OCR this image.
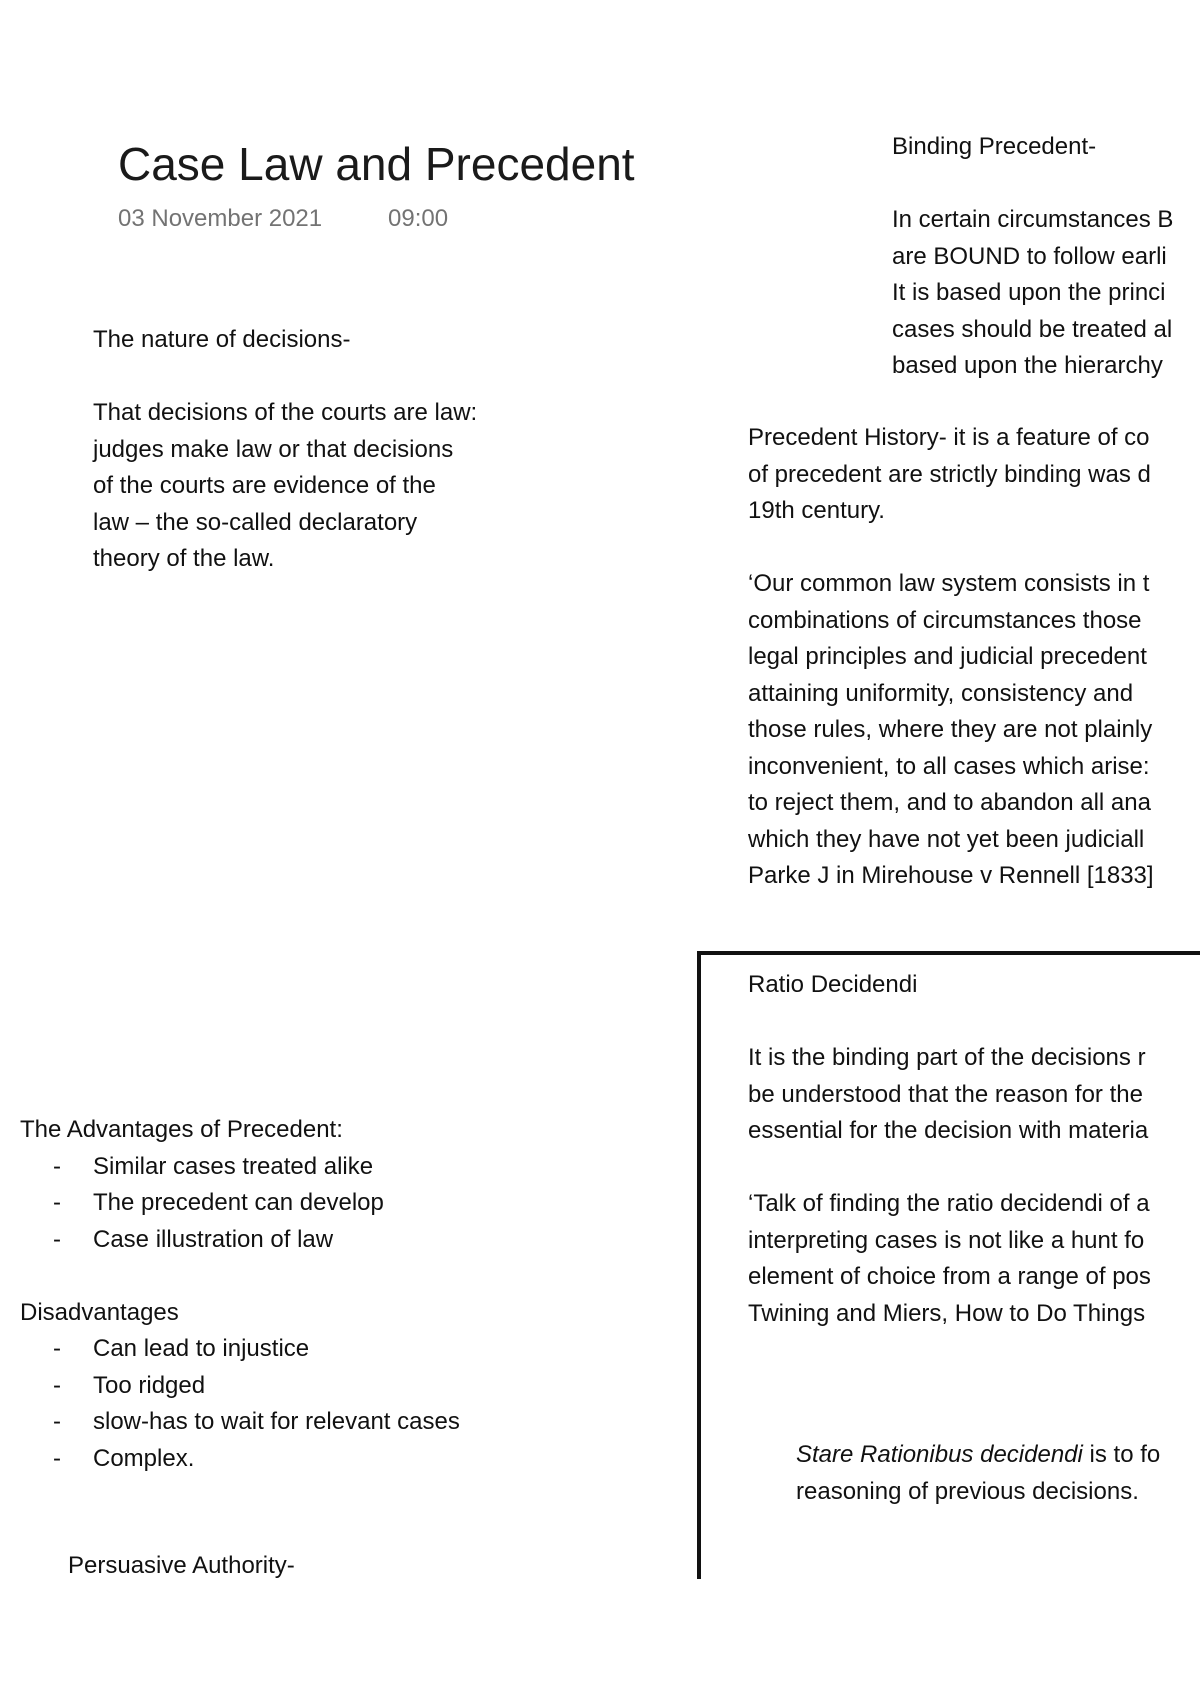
Case Law and Precedent
03 November 2021	09:00

The nature of decisions-

That decisions of the courts are law:

judges make law or that decisions

of the courts are evidence of the

law – the so-called declaratory

theory of the law.

Binding Precedent-

In certain circumstances B

are BOUND to follow earli

It is based upon the princi

cases should be treated al

based upon the hierarchy

Precedent History- it is a feature of co

of precedent are strictly binding was d

19th century.

‘Our common law system consists in t

combinations of circumstances those

legal principles and judicial precedent

attaining uniformity, consistency and

those rules, where they are not plainly

inconvenient, to all cases which arise:

to reject them, and to abandon all ana

which they have not yet been judiciall

Parke J in Mirehouse v Rennell [1833]

Ratio Decidendi

It is the binding part of the decisions r

be understood that the reason for the

essential for the decision with materia

‘Talk of finding the ratio decidendi of a

interpreting cases is not like a hunt fo

element of choice from a range of pos

Twining and Miers, How to Do Things

Stare Rationibus decidendi is to fo

reasoning of previous decisions.

The Advantages of Precedent:

- Similar cases treated alike
- The precedent can develop
- Case illustration of law

Disadvantages

- Can lead to injustice
- Too ridged
- slow-has to wait for relevant cases
- Complex.
Persuasive Authority-
